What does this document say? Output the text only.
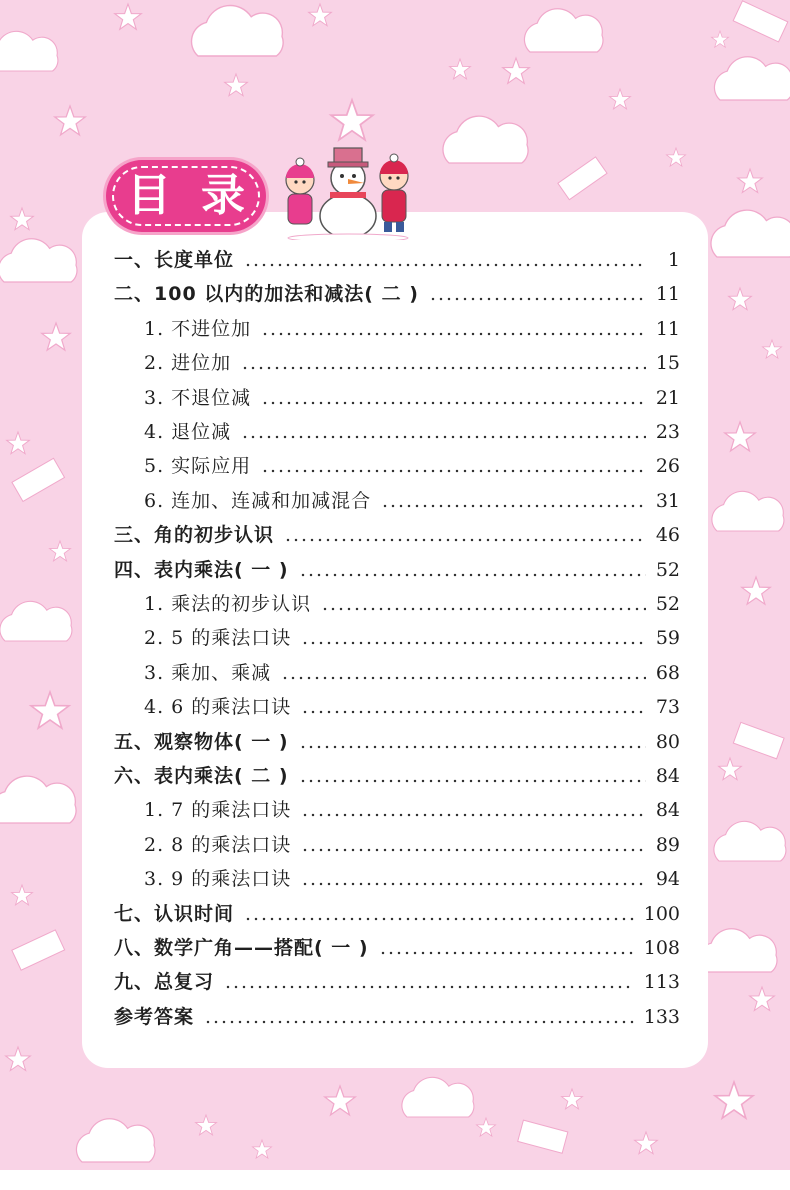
目 录
一、长度单位	1
二、100 以内的加法和减法( 二 )	11
1. 不进位加	11
2. 进位加	15
3. 不退位减	21
4. 退位减	23
5. 实际应用	26
6. 连加、连减和加减混合	31
三、角的初步认识	46
四、表内乘法( 一 )	52
1. 乘法的初步认识	52
2. 5 的乘法口诀	59
3. 乘加、乘减	68
4. 6 的乘法口诀	73
五、观察物体( 一 )	80
六、表内乘法( 二 )	84
1. 7 的乘法口诀	84
2. 8 的乘法口诀	89
3. 9 的乘法口诀	94
七、认识时间	100
八、数学广角——搭配( 一 )	108
九、总复习	113
参考答案	133
